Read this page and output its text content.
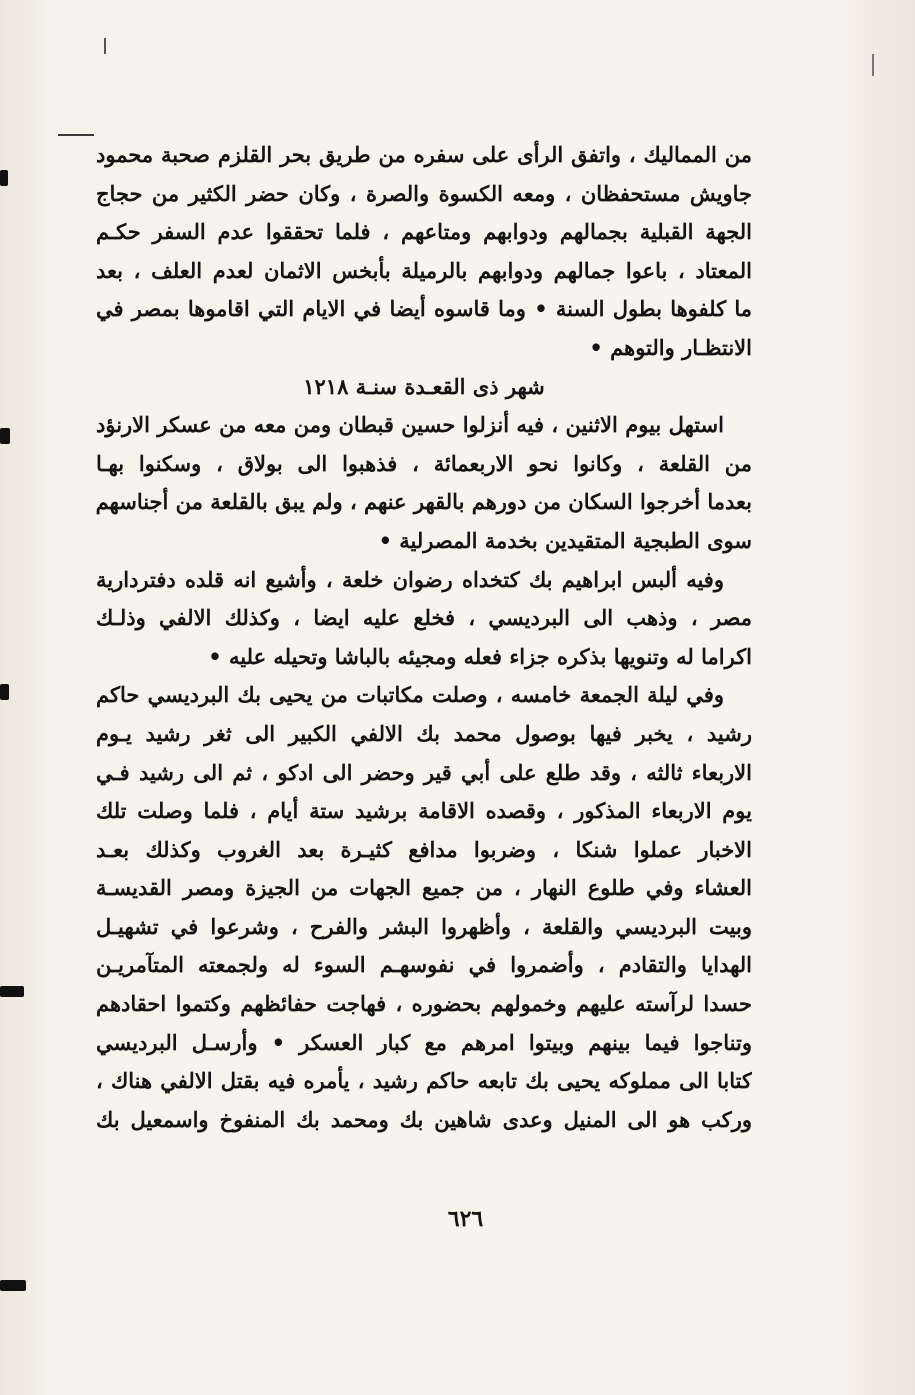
من المماليك ، واتفق الرأى على سفره من طريق بحر القلزم صحبة محمود
جاويش مستحفظان ، ومعه الكسوة والصرة ، وكان حضر الكثير من حجاج
الجهة القبلية بجمالهم ودوابهم ومتاعهم ، فلما تحققوا عدم السفر حكـم
المعتاد ، باعوا جمالهم ودوابهم بالرميلة بأبخس الاثمان لعدم العلف ، بعد
ما كلفوها بطول السنة • وما قاسوه أيضا في الايام التي اقاموها بمصر في
الانتظـار والتوهم •
شهر ذى القعـدة سنـة ١٢١٨
استهل بيوم الاثنين ، فيه أنزلوا حسين قبطان ومن معه من عسكر الارنؤد
من القلعة ، وكانوا نحو الاربعمائة ، فذهبوا الى بولاق ، وسكنوا بهـا
بعدما أخرجوا السكان من دورهم بالقهر عنهم ، ولم يبق بالقلعة من أجناسهم
سوى الطبجية المتقيدين بخدمة المصرلية •
وفيه ألبس ابراهيم بك كتخداه رضوان خلعة ، وأشيع انه قلده دفتردارية
مصر ، وذهب الى البرديسي ، فخلع عليه ايضا ، وكذلك الالفي وذلـك
اكراما له وتنويها بذكره جزاء فعله ومجيئه بالباشا وتحيله عليه •
وفي ليلة الجمعة خامسه ، وصلت مكاتبات من يحيى بك البرديسي حاكم
رشيد ، يخبر فيها بوصول محمد بك الالفي الكبير الى ثغر رشيد يـوم
الاربعاء ثالثه ، وقد طلع على أبي قير وحضر الى ادكو ، ثم الى رشيد فـي
يوم الاربعاء المذكور ، وقصده الاقامة برشيد ستة أيام ، فلما وصلت تلك
الاخبار عملوا شنكا ، وضربوا مدافع كثيـرة بعد الغروب وكذلك بعـد
العشاء وفي طلوع النهار ، من جميع الجهات من الجيزة ومصر القديسـة
وبيت البرديسي والقلعة ، وأظهروا البشر والفرح ، وشرعوا في تشهيـل
الهدايا والتقادم ، وأضمروا في نفوسهـم السوء له ولجمعته المتآمريـن
حسدا لرآسته عليهم وخمولهم بحضوره ، فهاجت حفائظهم وكتموا احقادهم
وتناجوا فيما بينهم وبيتوا امرهم مع كبار العسكر • وأرسـل البرديسي
كتابا الى مملوكه يحيى بك تابعه حاكم رشيد ، يأمره فيه بقتل الالفي هناك ،
وركب هو الى المنيل وعدى شاهين بك ومحمد بك المنفوخ واسمعيل بك
٦٢٦
